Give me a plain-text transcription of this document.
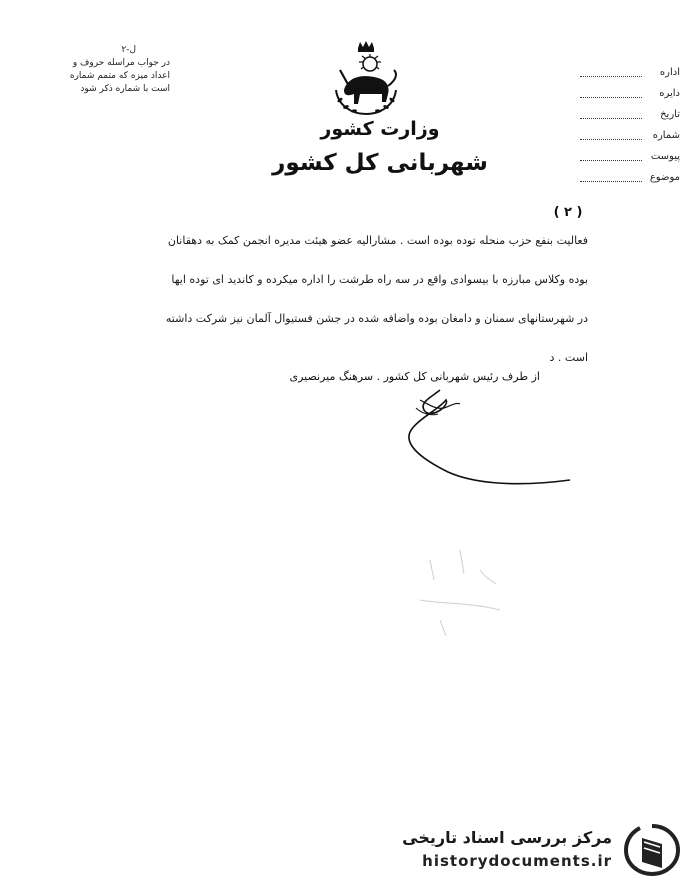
ل-٢
در جواب مراسله حروف و
اعداد میزه که متمم شماره
است با شماره ذکر شود
وزارت کشور
شهربانی کل کشور
اداره
دایره
تاریخ
شماره
پیوست
موضوع
( ٢ )

فعالیت بنفع حزب منحله توده بوده است . مشارالیه عضو هیئت مدیره انجمن کمک به دهقانان

بوده وکلاس مبارزه با بیسوادی واقع در سه راه طرشت را اداره میکرده و کاندید ای توده ایها

در شهرستانهای سمنان و دامغان بوده واضافه شده در جشن فستیوال آلمان نیز شرکت داشته

است . د

از طرف رئیس شهربانی کل کشور . سرهنگ میرنصیری
مرکز بررسی اسناد تاریخی
historydocuments.ir
